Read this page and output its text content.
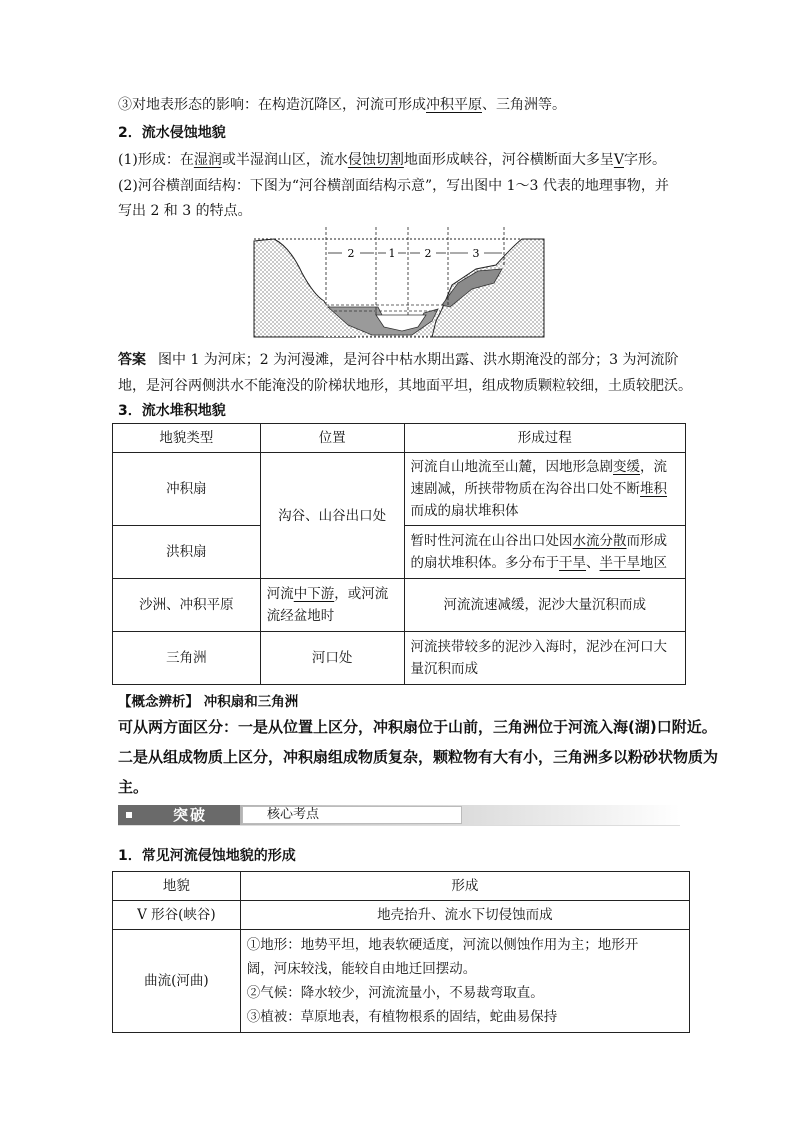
③对地表形态的影响：在构造沉降区，河流可形成冲积平原、三角洲等。
2．流水侵蚀地貌
(1)形成：在湿润或半湿润山区，流水侵蚀切割地面形成峡谷，河谷横断面大多呈V字形。
(2)河谷横剖面结构：下图为“河谷横剖面结构示意”，写出图中 1～3 代表的地理事物，并
写出 2 和 3 的特点。
2	1	2	3
答案 图中 1 为河床；2 为河漫滩，是河谷中枯水期出露、洪水期淹没的部分；3 为河流阶
地，是河谷两侧洪水不能淹没的阶梯状地形，其地面平坦，组成物质颗粒较细，土质较肥沃。
3．流水堆积地貌
地貌类型	位置	形成过程
冲积扇	沟谷、山谷出口处	河流自山地流至山麓，因地形急剧变缓，流速剧减，所挟带物质在沟谷出口处不断堆积而成的扇状堆积体
洪积扇		暂时性河流在山谷出口处因水流分散而形成的扇状堆积体。多分布于干旱、半干旱地区
沙洲、冲积平原	河流中下游，或河流流经盆地时	河流流速减缓，泥沙大量沉积而成
三角洲	河口处	河流挟带较多的泥沙入海时，泥沙在河口大量沉积而成
【概念辨析】 冲积扇和三角洲
可从两方面区分：一是从位置上区分，冲积扇位于山前，三角洲位于河流入海(湖)口附近。
二是从组成物质上区分，冲积扇组成物质复杂，颗粒物有大有小，三角洲多以粉砂状物质为
主。
突破	核心考点
1．常见河流侵蚀地貌的形成
地貌	形成
V 形谷(峡谷)	地壳抬升、流水下切侵蚀而成
曲流(河曲)	①地形：地势平坦，地表软硬适度，河流以侧蚀作用为主；地形开
阔，河床较浅，能较自由地迁回摆动。
②气候：降水较少，河流流量小，不易裁弯取直。
③植被：草原地表，有植物根系的固结，蛇曲易保持
